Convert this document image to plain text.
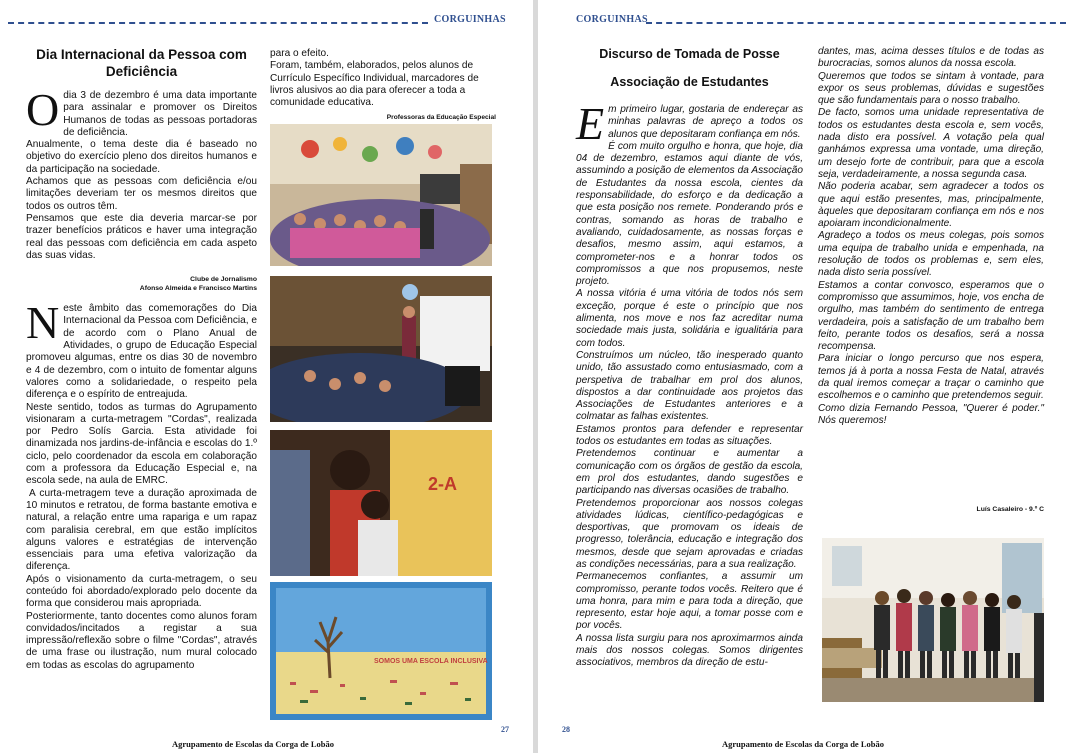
CORGUINHAS
Dia Internacional da Pessoa com Deficiência

Odia 3 de dezembro é uma data importante para assinalar e promover os Direitos Humanos de todas as pessoas portadoras de deficiência.

Anualmente, o tema deste dia é baseado no objetivo do exercício pleno dos direitos humanos e da participação na sociedade.

Achamos que as pessoas com deficiência e/ou limitações deveriam ter os mesmos direitos que todos os outros têm.

Pensamos que este dia deveria marcar-se por trazer benefícios práticos e haver uma integração real das pessoas com deficiência em cada aspeto das suas vidas.

Clube de Jornalismo
Afonso Almeida e Francisco Martins

Neste âmbito das comemorações do Dia Internacional da Pessoa com Deficiência, e de acordo com o Plano Anual de Atividades, o grupo de Educação Especial promoveu algumas, entre os dias 30 de novembro e 4 de dezembro, com o intuito de fomentar alguns valores como a solidariedade, o respeito pela diferença e o espírito de entreajuda.

Neste sentido, todos as turmas do Agrupamento visionaram a curta-metragem "Cordas", realizada por Pedro Solís Garcia. Esta atividade foi dinamizada nos jardins-de-infância e escolas do 1.º ciclo, pelo coordenador da escola em colaboração com a professora da Educação Especial e, na escola sede, na aula de EMRC.

A curta-metragem teve a duração aproximada de 10 minutos e retratou, de forma bastante emotiva e natural, a relação entre uma rapariga e um rapaz com paralisia cerebral, em que estão implícitos alguns valores e estratégias de intervenção essenciais para uma efetiva valorização da diferença.

Após o visionamento da curta-metragem, o seu conteúdo foi abordado/explorado pelo docente da forma que considerou mais apropriada.

Posteriormente, tanto docentes como alunos foram convidados/incitados a registar a sua impressão/reflexão sobre o filme "Cordas", através de uma frase ou ilustração, num mural colocado em todas as escolas do agrupamento

para o efeito.

Foram, também, elaborados, pelos alunos de Currículo Específico Individual, marcadores de livros alusivos ao dia para oferecer a toda a comunidade educativa.

Professoras da Educação Especial
2-A
SOMOS UMA ESCOLA INCLUSIVA
27
Agrupamento de Escolas da Corga de Lobão
CORGUINHAS
Discurso de Tomada de Posse
Associação de Estudantes

Em primeiro lugar, gostaria de endereçar as minhas palavras de apreço a todos os alunos que depositaram confiança em nós.

É com muito orgulho e honra, que hoje, dia 04 de dezembro, estamos aqui diante de vós, assumindo a posição de elementos da Associação de Estudantes da nossa escola, cientes da responsabilidade, do esforço e da dedicação a que esta posição nos remete. Ponderando prós e contras, somando as horas de trabalho e avaliando, cuidadosamente, as nossas forças e desafios, mesmo assim, aqui estamos, a comprometer-nos e a honrar todos os compromissos a que nos propusemos, neste projeto.

A nossa vitória é uma vitória de todos nós sem exceção, porque é este o princípio que nos alimenta, nos move e nos faz acreditar numa sociedade mais justa, solidária e igualitária para com todos.

Construímos um núcleo, tão inesperado quanto unido, tão assustado como entusiasmado, com a perspetiva de trabalhar em prol dos alunos, dispostos a dar continuidade aos projetos das Associações de Estudantes anteriores e a colmatar as falhas existentes.

Estamos prontos para defender e representar todos os estudantes em todas as situações.

Pretendemos continuar e aumentar a comunicação com os órgãos de gestão da escola, em prol dos estudantes, dando sugestões e participando nas diversas ocasiões de trabalho.

Pretendemos proporcionar aos nossos colegas atividades lúdicas, científico-pedagógicas e desportivas, que promovam os ideais de progresso, tolerância, educação e integração dos mesmos, desde que sejam aprovadas e criadas as condições necessárias, para a sua realização.

Permanecemos confiantes, a assumir um compromisso, perante todos vocês. Reitero que é uma honra, para mim e para toda a direção, que represento, estar hoje aqui, a tomar posse com e por vocês.

A nossa lista surgiu para nos aproximarmos ainda mais dos nossos colegas. Somos dirigentes associativos, membros da direção de estu-

dantes, mas, acima desses títulos e de todas as burocracias, somos alunos da nossa escola.

Queremos que todos se sintam à vontade, para expor os seus problemas, dúvidas e sugestões que são fundamentais para o nosso trabalho.

De facto, somos uma unidade representativa de todos os estudantes desta escola e, sem vocês, nada disto era possível. A votação pela qual ganhámos expressa uma vontade, uma direção, um desejo forte de contribuir, para que a escola seja, verdadeiramente, a nossa segunda casa.

Não poderia acabar, sem agradecer a todos os que aqui estão presentes, mas, principalmente, àqueles que depositaram confiança em nós e nos apoiaram incondicionalmente.

Agradeço a todos os meus colegas, pois somos uma equipa de trabalho unida e empenhada, na resolução de todos os problemas e, sem eles, nada disto seria possível.

Estamos a contar convosco, esperamos que o compromisso que assumimos, hoje, vos encha de orgulho, mas também do sentimento de entrega verdadeira, pois a satisfação de um trabalho bem feito, perante todos os desafios, será a nossa recompensa.

Para iniciar o longo percurso que nos espera, temos já à porta a nossa Festa de Natal, através da qual iremos começar a traçar o caminho que escolhemos e o caminho que pretendemos seguir.

Como dizia Fernando Pessoa, "Querer é poder." Nós queremos!

Luís Casaleiro - 9.º C
28
Agrupamento de Escolas da Corga de Lobão
